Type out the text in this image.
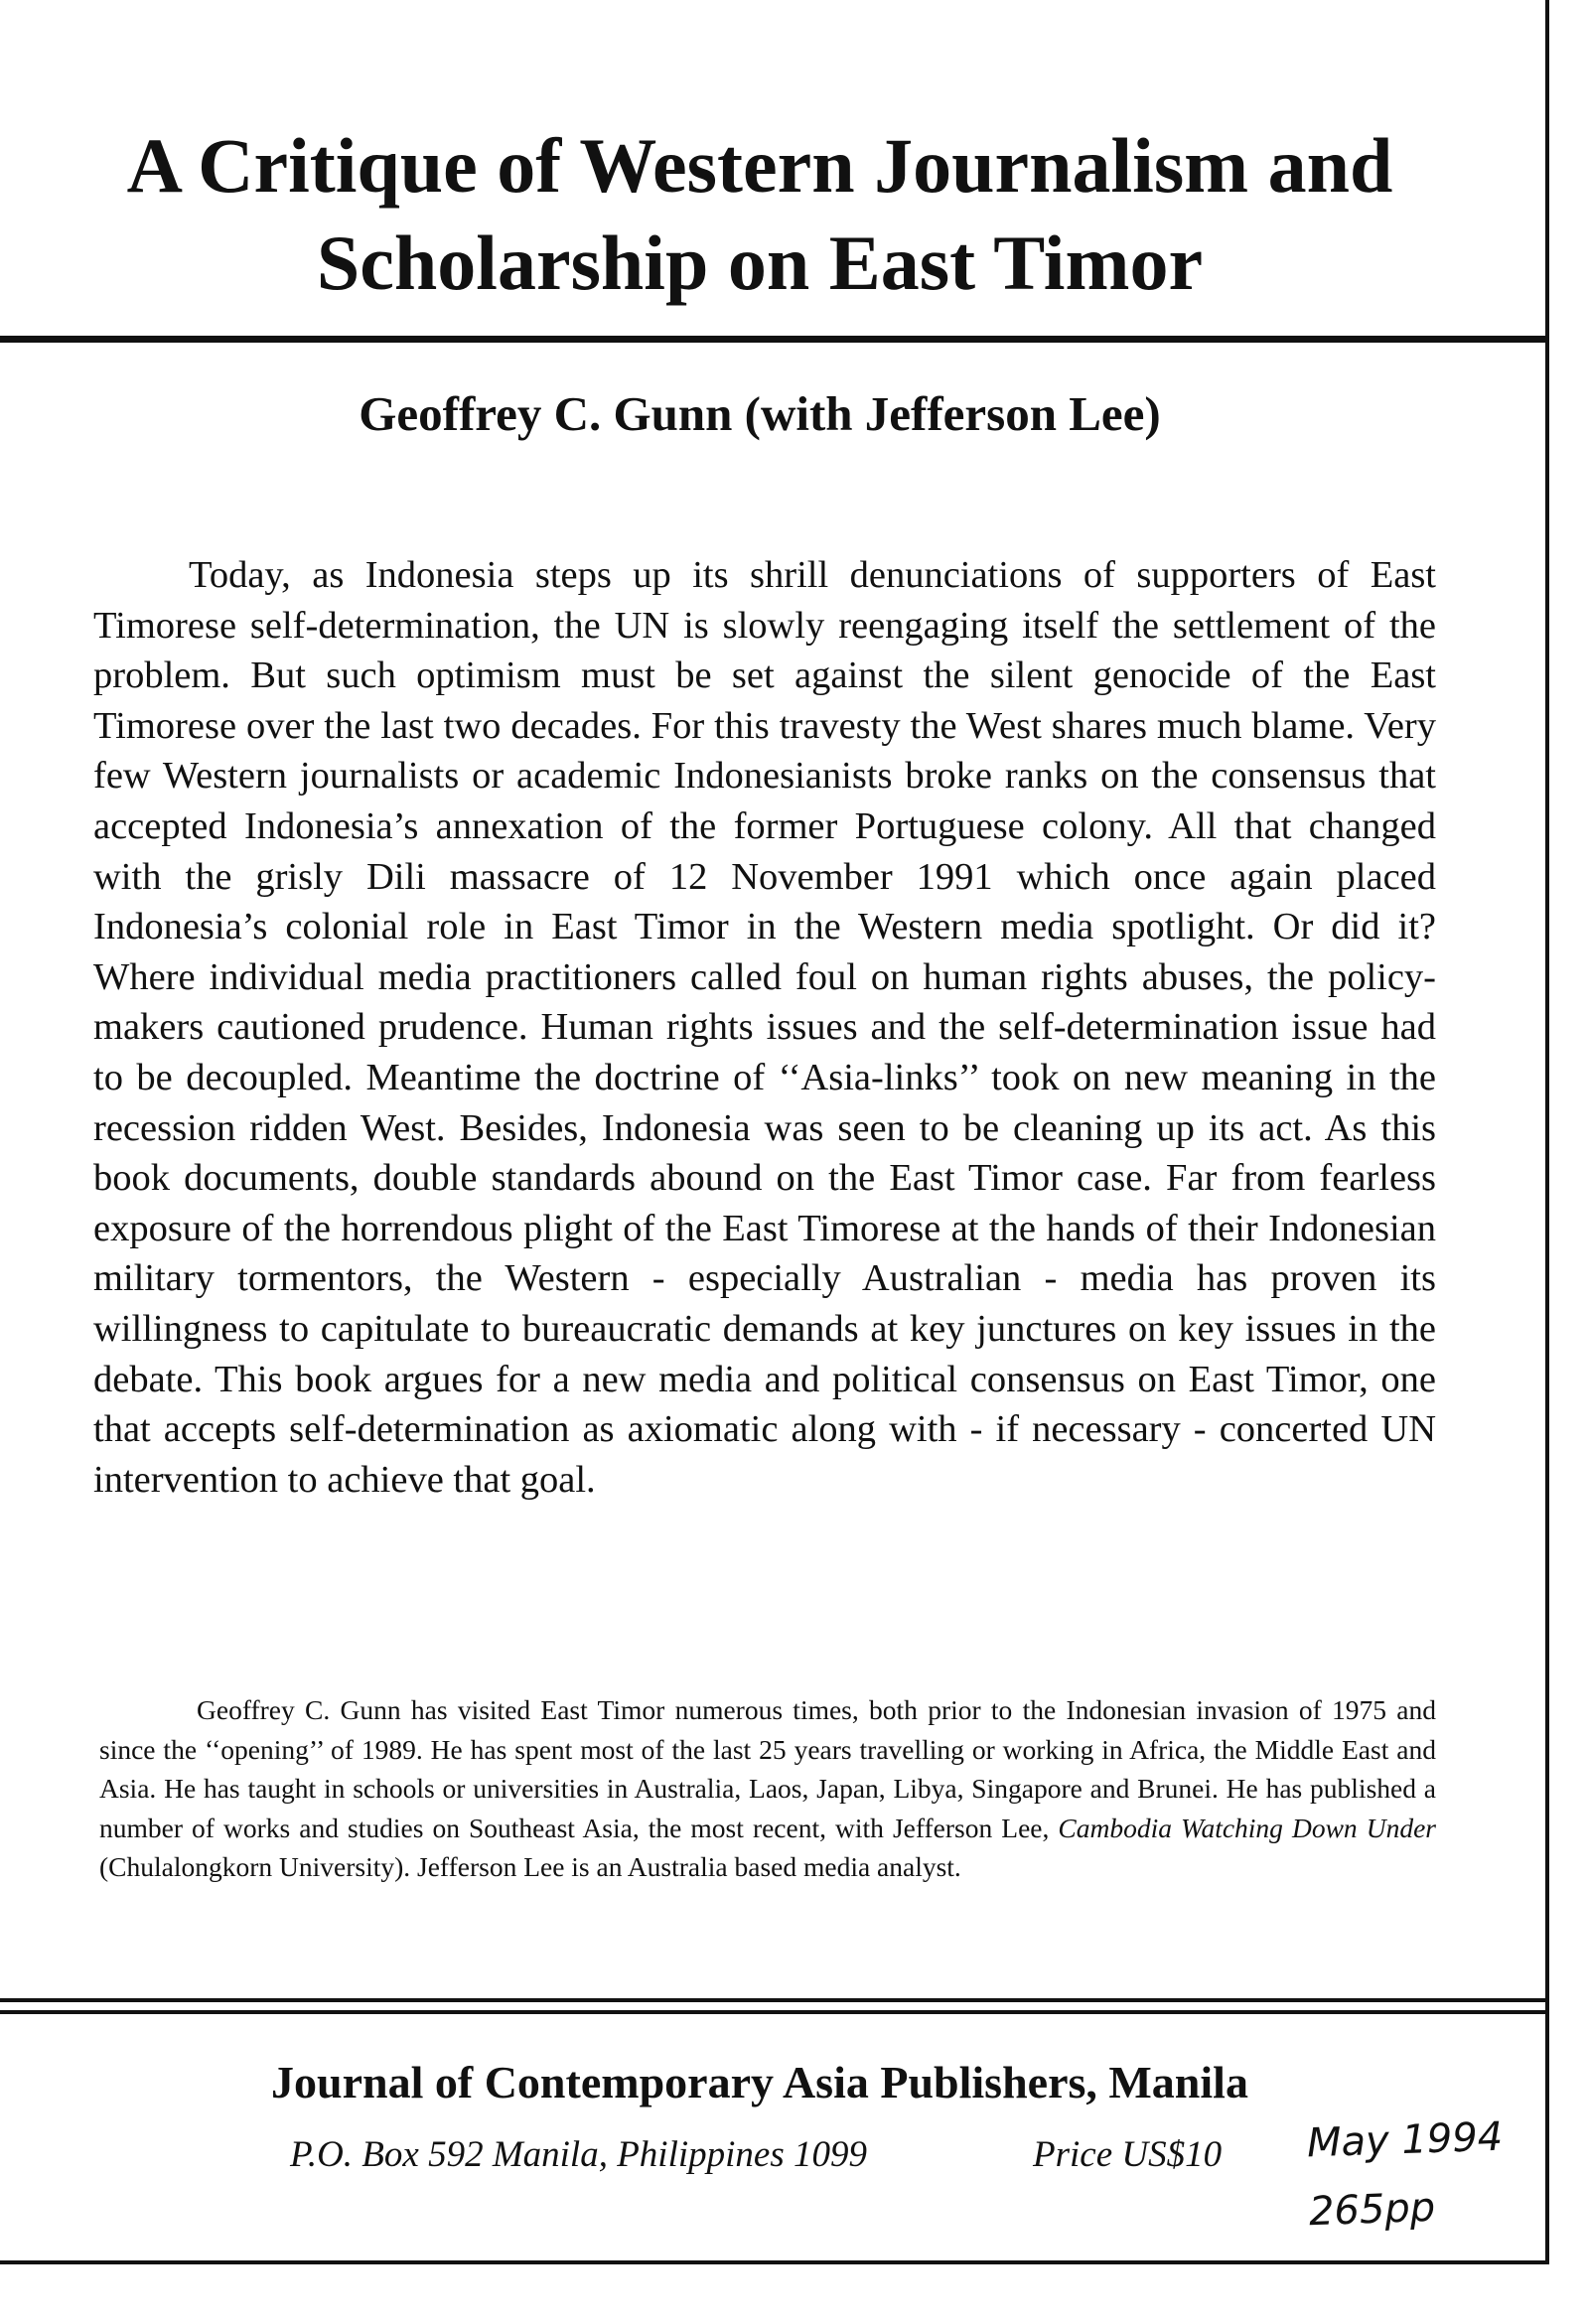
A Critique of Western Journalism and Scholarship on East Timor
Geoffrey C. Gunn (with Jefferson Lee)

Today, as Indonesia steps up its shrill denunciations of supporters of East Timorese self-determination, the UN is slowly reengaging itself the settlement of the problem. But such optimism must be set against the silent genocide of the East Timorese over the last two decades. For this travesty the West shares much blame. Very few Western journalists or academic Indonesianists broke ranks on the consensus that accepted Indonesia’s annexation of the former Portuguese colony. All that changed with the grisly Dili massacre of 12 November 1991 which once again placed Indonesia’s colonial role in East Timor in the Western media spotlight. Or did it? Where individual media practitioners called foul on human rights abuses, the policy-makers cautioned prudence. Human rights issues and the self-determination issue had to be decoupled. Meantime the doctrine of ‘‘Asia-links’’ took on new meaning in the recession ridden West. Besides, Indonesia was seen to be cleaning up its act. As this book documents, double standards abound on the East Timor case. Far from fearless exposure of the horrendous plight of the East Timorese at the hands of their Indonesian military tormentors, the Western - especially Australian - media has proven its willingness to capitulate to bureaucratic demands at key junctures on key issues in the debate. This book argues for a new media and political consensus on East Timor, one that accepts self-determination as axiomatic along with - if necessary - concerted UN intervention to achieve that goal.

Geoffrey C. Gunn has visited East Timor numerous times, both prior to the Indonesian invasion of 1975 and since the ‘‘opening’’ of 1989. He has spent most of the last 25 years travelling or working in Africa, the Middle East and Asia. He has taught in schools or universities in Australia, Laos, Japan, Libya, Singapore and Brunei. He has published a number of works and studies on Southeast Asia, the most recent, with Jefferson Lee, Cambodia Watching Down Under (Chulalongkorn University). Jefferson Lee is an Australia based media analyst.

Journal of Contemporary Asia Publishers, Manila
P.O. Box 592 Manila, Philippines 1099	Price US$10 May 1994
265pp
